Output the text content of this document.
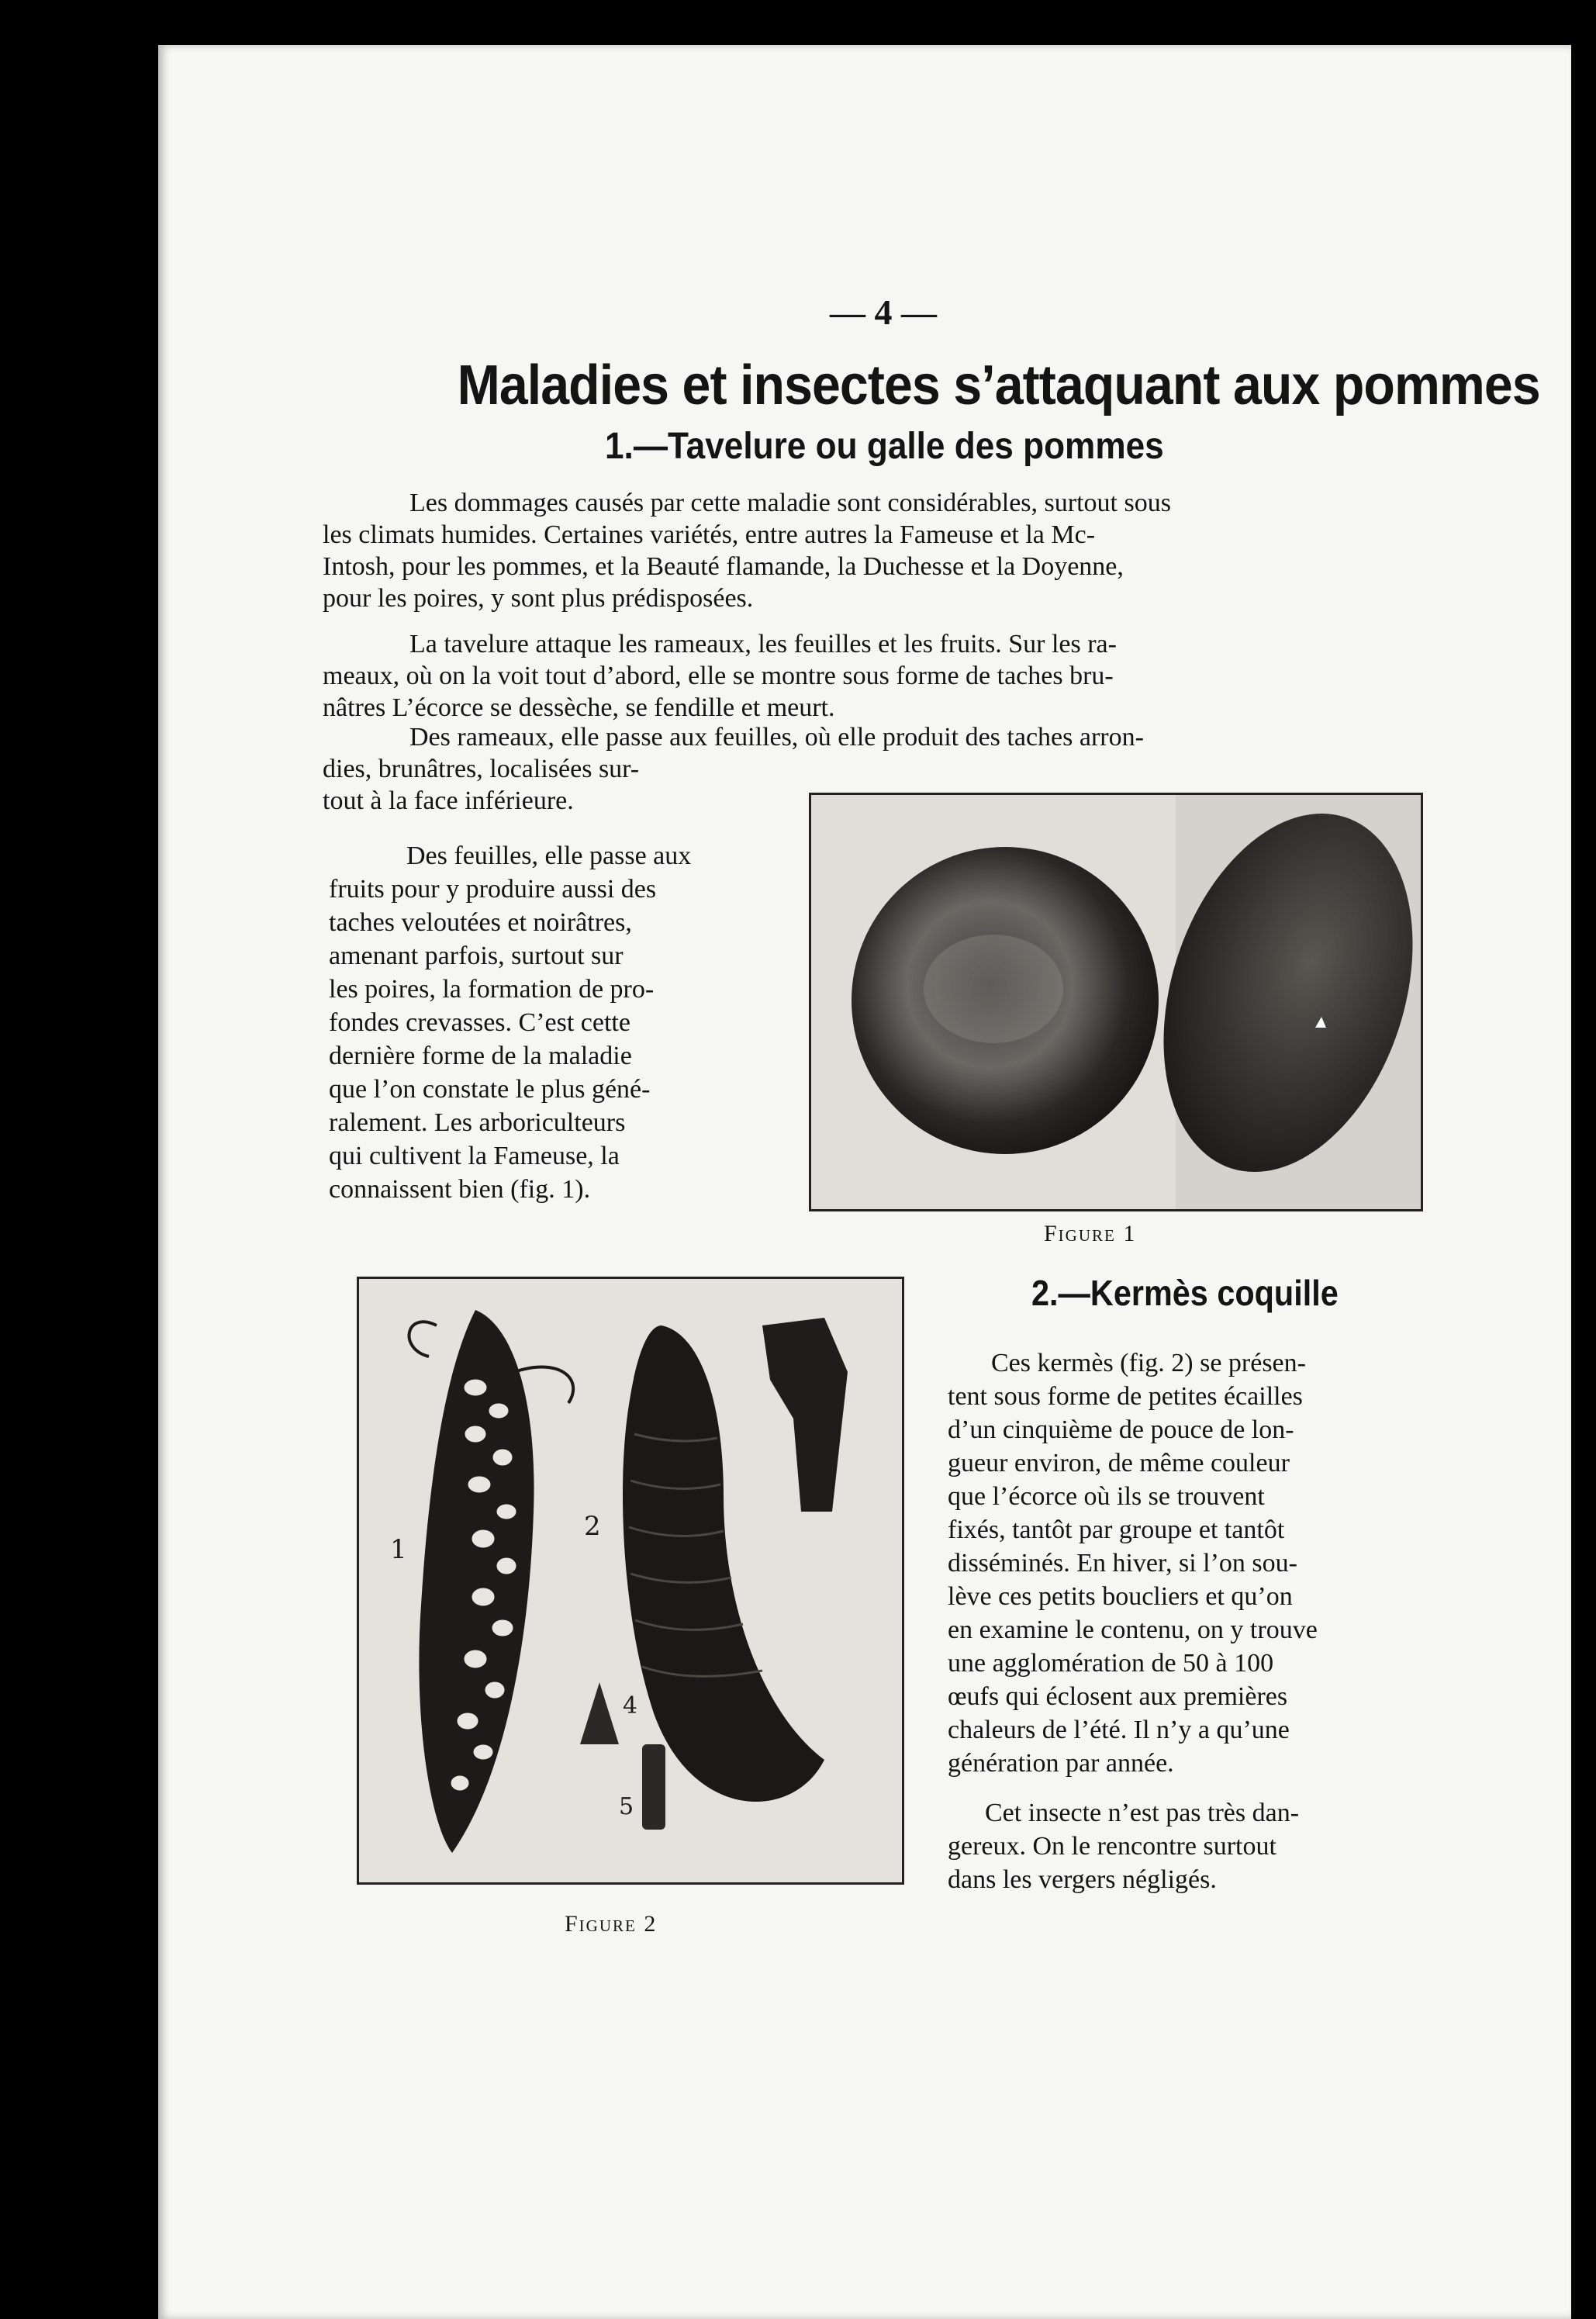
— 4 —
Maladies et insectes s’attaquant aux pommes
1.—Tavelure ou galle des pommes
Les dommages causés par cette maladie sont considérables, surtout sous
les climats humides. Certaines variétés, entre autres la Fameuse et la Mc-
Intosh, pour les pommes, et la Beauté flamande, la Duchesse et la Doyenne,
pour les poires, y sont plus prédisposées.
La tavelure attaque les rameaux, les feuilles et les fruits. Sur les ra-
meaux, où on la voit tout d’abord, elle se montre sous forme de taches bru-
nâtres L’écorce se dessèche, se fendille et meurt.
Des rameaux, elle passe aux feuilles, où elle produit des taches arron-
dies, brunâtres, localisées sur-
tout à la face inférieure.
Des feuilles, elle passe aux
fruits pour y produire aussi des
taches veloutées et noirâtres,
amenant parfois, surtout sur
les poires, la formation de pro-
fondes crevasses. C’est cette
dernière forme de la maladie
que l’on constate le plus géné-
ralement. Les arboriculteurs
qui cultivent la Fameuse, la
connaissent bien (fig. 1).
Figure 1
1
2
4
5
Figure 2
2.—Kermès coquille
Ces kermès (fig. 2) se présen-
tent sous forme de petites écailles
d’un cinquième de pouce de lon-
gueur environ, de même couleur
que l’écorce où ils se trouvent
fixés, tantôt par groupe et tantôt
disséminés. En hiver, si l’on sou-
lève ces petits boucliers et qu’on
en examine le contenu, on y trouve
une agglomération de 50 à 100
œufs qui éclosent aux premières
chaleurs de l’été. Il n’y a qu’une
génération par année.
Cet insecte n’est pas très dan-
gereux. On le rencontre surtout
dans les vergers négligés.
